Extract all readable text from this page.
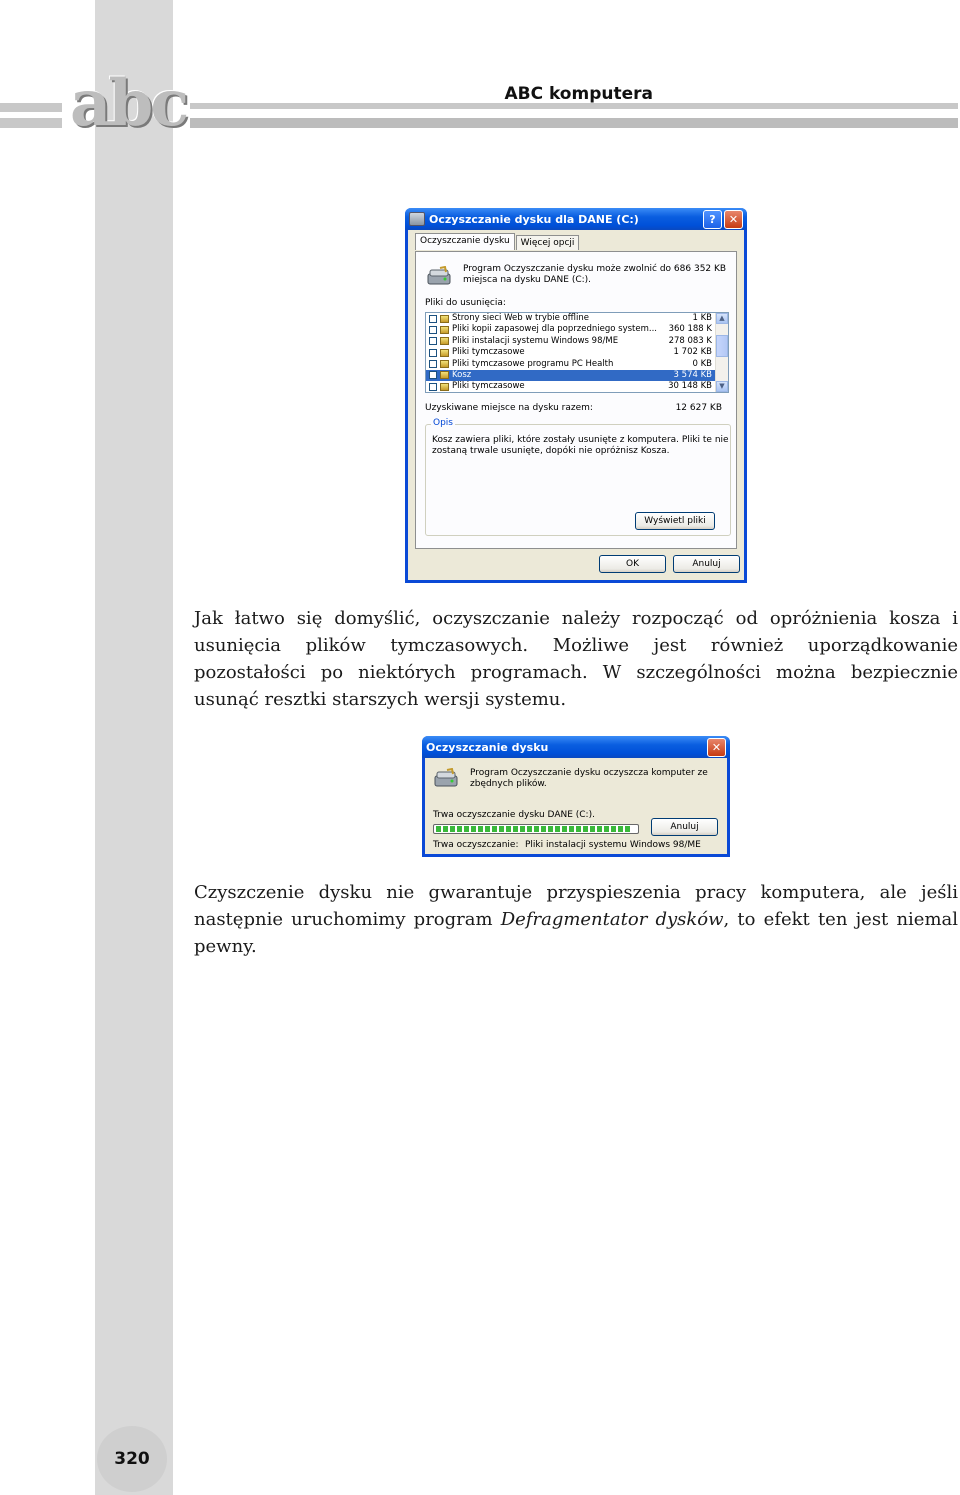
abc	ABC komputera
Oczyszczanie dysku dla DANE (C:)	?	✕
Oczyszczanie dysku	Więcej opcji
Program Oczyszczanie dysku może zwolnić do 686 352 KB
miejsca na dysku DANE (C:).
Pliki do usunięcia:
Strony sieci Web w trybie offline	1 KB
Pliki kopii zapasowej dla poprzedniego system... 360 188 K
Pliki instalacji systemu Windows 98/ME	278 083 K
Pliki tymczasowe	1 702 KB
Pliki tymczasowe programu PC Health	0 KB
Kosz	3 574 KB
Pliki tymczasowe	30 148 KB
▲
▼
Uzyskiwane miejsce na dysku razem:	12 627 KB
Opis
Kosz zawiera pliki, które zostały usunięte z komputera. Pliki te nie
zostaną trwale usunięte, dopóki nie opróżnisz Kosza.
Wyświetl pliki
OK	Anuluj

Jak łatwo się domyślić, oczyszczanie należy rozpocząć od opróżnienia kosza i usunięcia plików tymczasowych. Możliwe jest również uporządkowanie pozostałości po niektórych programach. W szczególności można bezpiecznie usunąć resztki starszych wersji systemu.

Oczyszczanie dysku	✕
Program Oczyszczanie dysku oczyszcza komputer ze
zbędnych plików.
Trwa oczyszczanie dysku DANE (C:).
Anuluj
Trwa oczyszczanie: Pliki instalacji systemu Windows 98/ME

Czyszczenie dysku nie gwarantuje przyspieszenia pracy komputera, ale jeśli następnie uruchomimy program Defragmentator dysków, to efekt ten jest niemal pewny.

320
